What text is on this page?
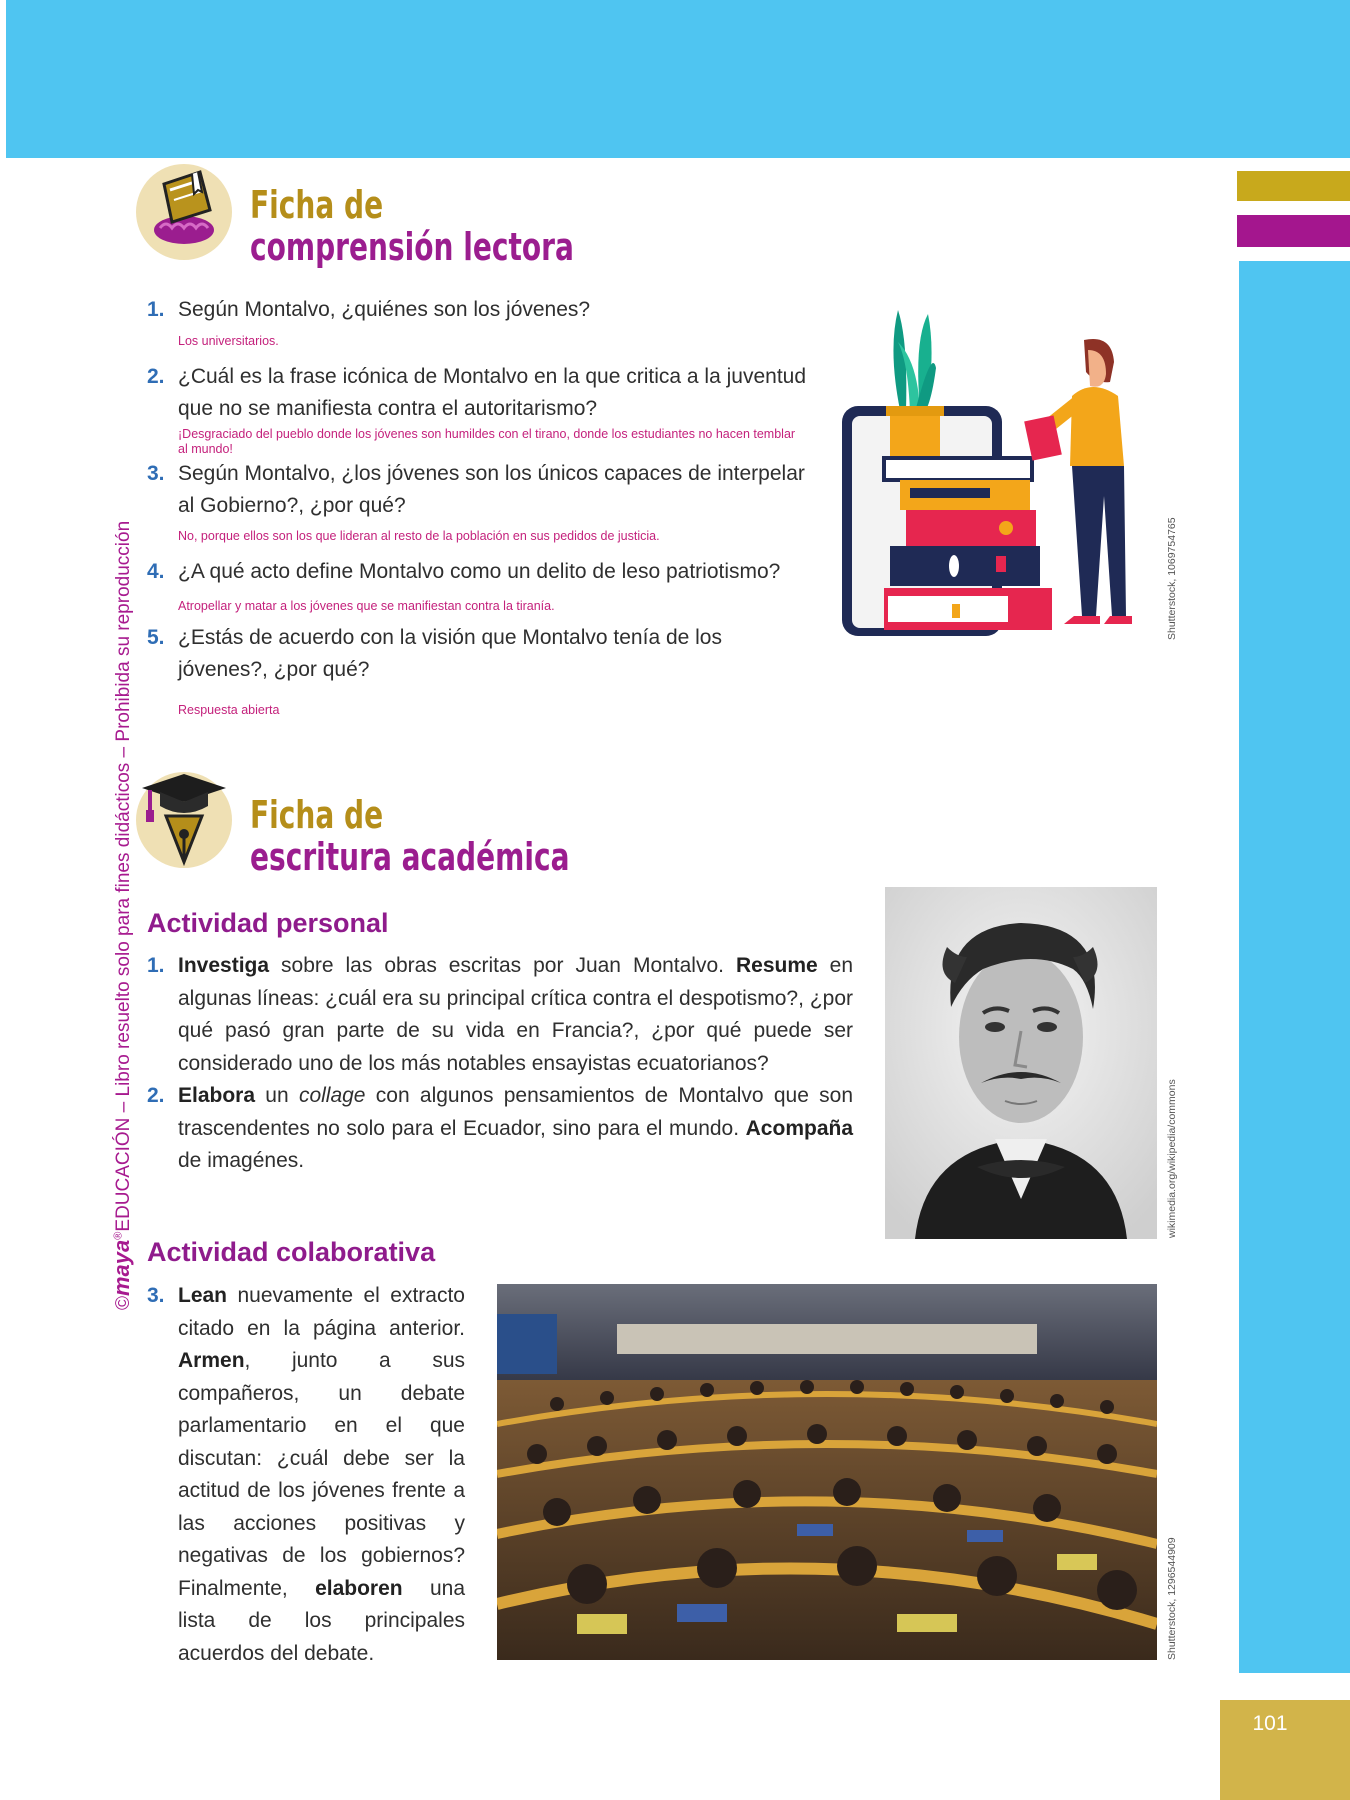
101
©maya®EDUCACIÓN – Libro resuelto solo para fines didácticos – Prohibida su reproducción
Ficha de
comprensión lectora
1. Según Montalvo, ¿quiénes son los jóvenes?
Los universitarios.
2. ¿Cuál es la frase icónica de Montalvo en la que critica a la juventud que no se manifiesta contra el autoritarismo?
¡Desgraciado del pueblo donde los jóvenes son humildes con el tirano, donde los estudiantes no hacen temblar al mundo!
3. Según Montalvo, ¿los jóvenes son los únicos capaces de interpelar al Gobierno?, ¿por qué?
No, porque ellos son los que lideran al resto de la población en sus pedidos de justicia.
4. ¿A qué acto define Montalvo como un delito de leso patriotismo?
Atropellar y matar a los jóvenes que se manifiestan contra la tiranía.
5. ¿Estás de acuerdo con la visión que Montalvo tenía de los jóvenes?, ¿por qué?
Respuesta abierta
Shutterstock, 1069754765
Ficha de
escritura académica
Actividad personal
1. Investiga sobre las obras escritas por Juan Montalvo. Resume en algunas líneas: ¿cuál era su principal crítica contra el despotismo?, ¿por qué pasó gran parte de su vida en Francia?, ¿por qué puede ser considerado uno de los más notables ensayistas ecuatorianos?
2. Elabora un collage con algunos pensamientos de Montalvo que son trascendentes no solo para el Ecuador, sino para el mundo. Acompaña de imagénes.	wikimedia.org/wikipedia/commons
Actividad colaborativa
3. Lean nuevamente el extracto citado en la página anterior. Armen, junto a sus compañeros, un debate parlamentario en el que discutan: ¿cuál debe ser la actitud de los jóvenes frente a las acciones positivas y negativas de los gobiernos? Finalmente, elaboren una lista de los principales acuerdos del debate.	Shutterstock, 1296544909
